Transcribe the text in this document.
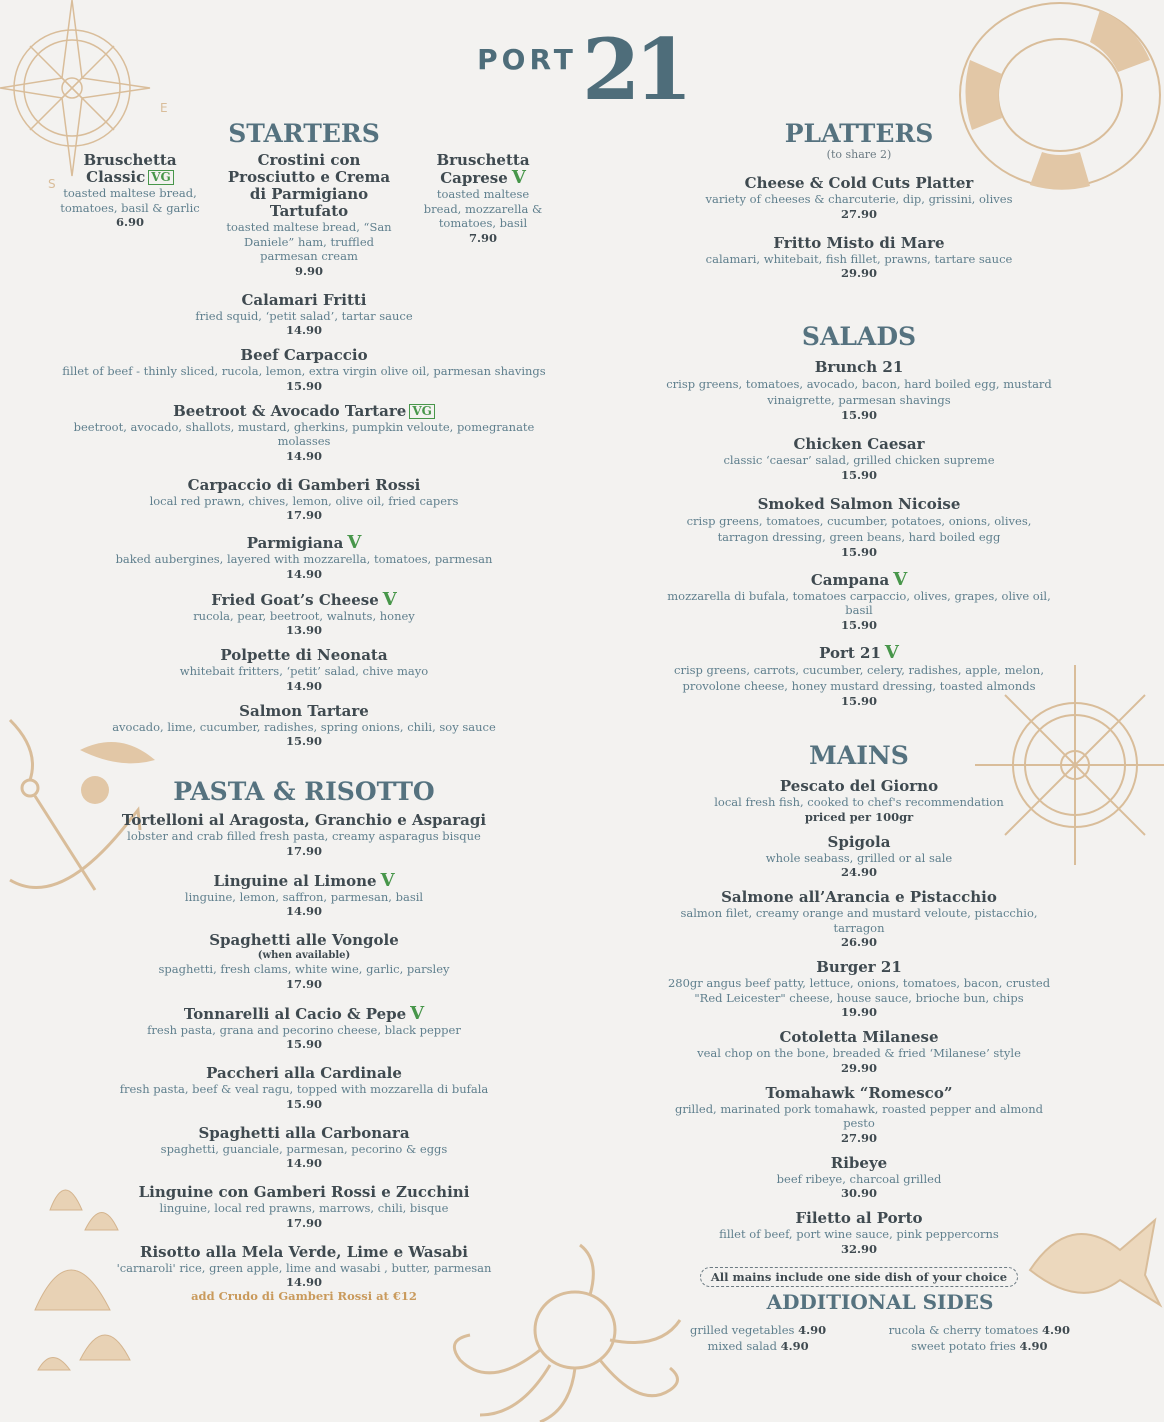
E
S
PORT 21
STARTERS
Bruschetta Classic VG
toasted maltese bread, tomatoes, basil & garlic
6.90
Crostini con Prosciutto e Crema di Parmigiano Tartufato
toasted maltese bread, “San Daniele” ham, truffled parmesan cream
9.90
Bruschetta Caprese V
toasted maltese bread, mozzarella & tomatoes, basil
7.90
Calamari Fritti
fried squid, ‘petit salad’, tartar sauce
14.90
Beef Carpaccio
fillet of beef - thinly sliced, rucola, lemon, extra virgin olive oil, parmesan shavings
15.90
Beetroot & Avocado Tartare VG
beetroot, avocado, shallots, mustard, gherkins, pumpkin veloute, pomegranate molasses
14.90
Carpaccio di Gamberi Rossi
local red prawn, chives, lemon, olive oil, fried capers
17.90
Parmigiana V
baked aubergines, layered with mozzarella, tomatoes, parmesan
14.90
Fried Goat’s Cheese V
rucola, pear, beetroot, walnuts, honey
13.90
Polpette di Neonata
whitebait fritters, ‘petit’ salad, chive mayo
14.90
Salmon Tartare
avocado, lime, cucumber, radishes, spring onions, chili, soy sauce
15.90
PASTA & RISOTTO
Tortelloni al Aragosta, Granchio e Asparagi
lobster and crab filled fresh pasta, creamy asparagus bisque
17.90
Linguine al Limone V
linguine, lemon, saffron, parmesan, basil
14.90
Spaghetti alle Vongole
(when available)
spaghetti, fresh clams, white wine, garlic, parsley
17.90
Tonnarelli al Cacio & Pepe V
fresh pasta, grana and pecorino cheese, black pepper
15.90
Paccheri alla Cardinale
fresh pasta, beef & veal ragu, topped with mozzarella di bufala
15.90
Spaghetti alla Carbonara
spaghetti, guanciale, parmesan, pecorino & eggs
14.90
Linguine con Gamberi Rossi e Zucchini
linguine, local red prawns, marrows, chili, bisque
17.90
Risotto alla Mela Verde, Lime e Wasabi
'carnaroli' rice, green apple, lime and wasabi , butter, parmesan
14.90
add Crudo di Gamberi Rossi at €12
PLATTERS
(to share 2)
Cheese & Cold Cuts Platter
variety of cheeses & charcuterie, dip, grissini, olives
27.90
Fritto Misto di Mare
calamari, whitebait, fish fillet, prawns, tartare sauce
29.90
SALADS
Brunch 21
crisp greens, tomatoes, avocado, bacon, hard boiled egg, mustard vinaigrette, parmesan shavings
15.90
Chicken Caesar
classic ‘caesar’ salad, grilled chicken supreme
15.90
Smoked Salmon Nicoise
crisp greens, tomatoes, cucumber, potatoes, onions, olives, tarragon dressing, green beans, hard boiled egg
15.90
Campana V
mozzarella di bufala, tomatoes carpaccio, olives, grapes, olive oil, basil
15.90
Port 21 V
crisp greens, carrots, cucumber, celery, radishes, apple, melon, provolone cheese, honey mustard dressing, toasted almonds
15.90
MAINS
Pescato del Giorno
local fresh fish, cooked to chef's recommendation
priced per 100gr
Spigola
whole seabass, grilled or al sale
24.90
Salmone all’Arancia e Pistacchio
salmon filet, creamy orange and mustard veloute, pistacchio, tarragon
26.90
Burger 21
280gr angus beef patty, lettuce, onions, tomatoes, bacon, crusted "Red Leicester" cheese, house sauce, brioche bun, chips
19.90
Cotoletta Milanese
veal chop on the bone, breaded & fried ‘Milanese’ style
29.90
Tomahawk “Romesco”
grilled, marinated pork tomahawk, roasted pepper and almond pesto
27.90
Ribeye
beef ribeye, charcoal grilled
30.90
Filetto al Porto
fillet of beef, port wine sauce, pink peppercorns
32.90
All mains include one side dish of your choice
ADDITIONAL SIDES
grilled vegetables 4.90
mixed salad 4.90
rucola & cherry tomatoes 4.90
sweet potato fries 4.90
